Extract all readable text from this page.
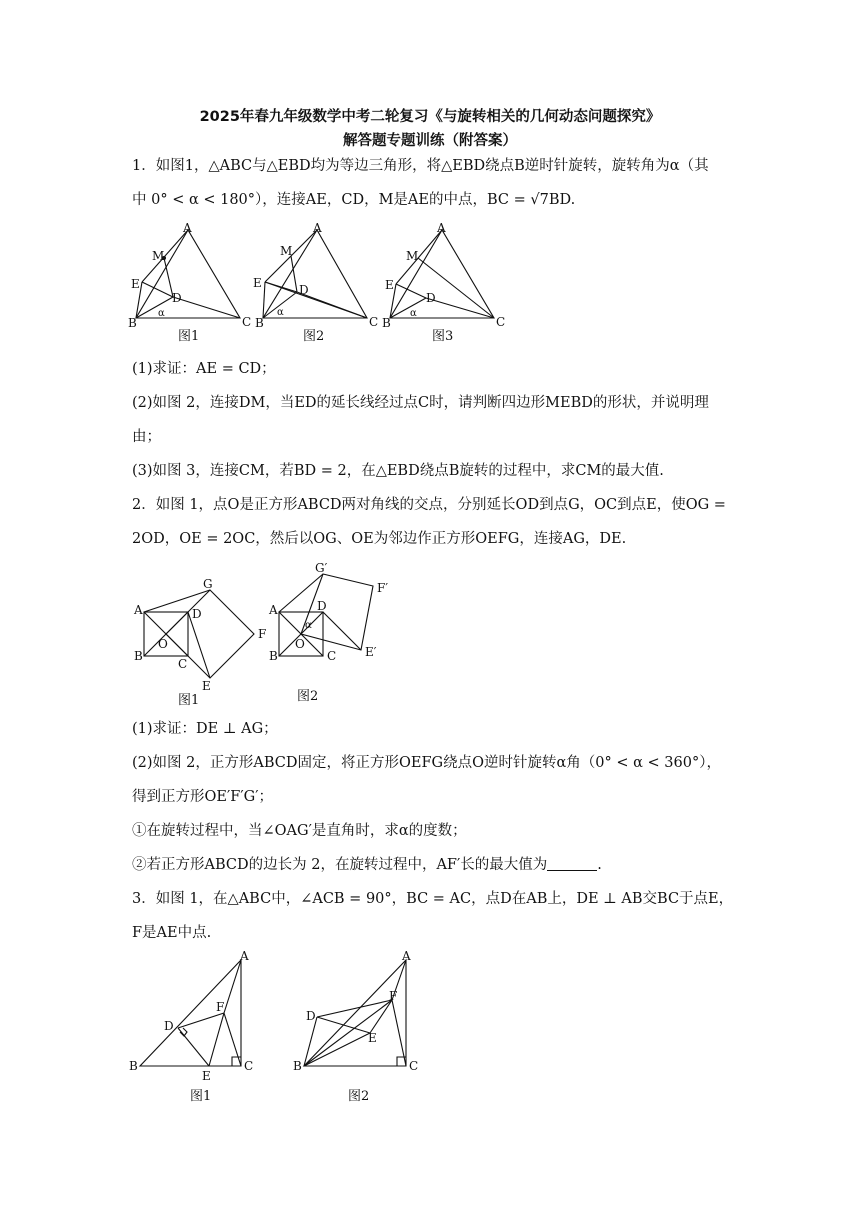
2025年春九年级数学中考二轮复习《与旋转相关的几何动态问题探究》
解答题专题训练（附答案）
1．如图1，△ABC与△EBD均为等边三角形，将△EBD绕点B逆时针旋转，旋转角为α（其
中 0° < α < 180°），连接AE，CD，M是AE的中点，BC = √7BD.
A
B	C
D
E
M
α
图1
A
B	C
D
E
M
α
图2
A
B	C
D
E
M
α
图3
(1)求证：AE = CD；
(2)如图 2，连接DM，当ED的延长线经过点C时，请判断四边形MEBD的形状，并说明理
由；
(3)如图 3，连接CM，若BD = 2，在△EBD绕点B旋转的过程中，求CM的最大值.
2．如图 1，点O是正方形ABCD两对角线的交点，分别延长OD到点G，OC到点E，使OG =
2OD，OE = 2OC，然后以OG、OE为邻边作正方形OEFG，连接AG，DE.
A
B
C
D
O
G
F
E
图1
A
B	C
D
O
α
G′
F′
E′
图2
(1)求证：DE ⊥ AG；
(2)如图 2，正方形ABCD固定，将正方形OEFG绕点O逆时针旋转α角（0° < α < 360°），
得到正方形OE′F′G′；
①在旋转过程中，当∠OAG′是直角时，求α的度数；
②若正方形ABCD的边长为 2，在旋转过程中，AF′长的最大值为	.
3．如图 1，在△ABC中，∠ACB = 90°，BC = AC，点D在AB上，DE ⊥ AB交BC于点E，
F是AE中点.
A
B	C
D
E
F
图1
A
B	C
D
E
F
图2
